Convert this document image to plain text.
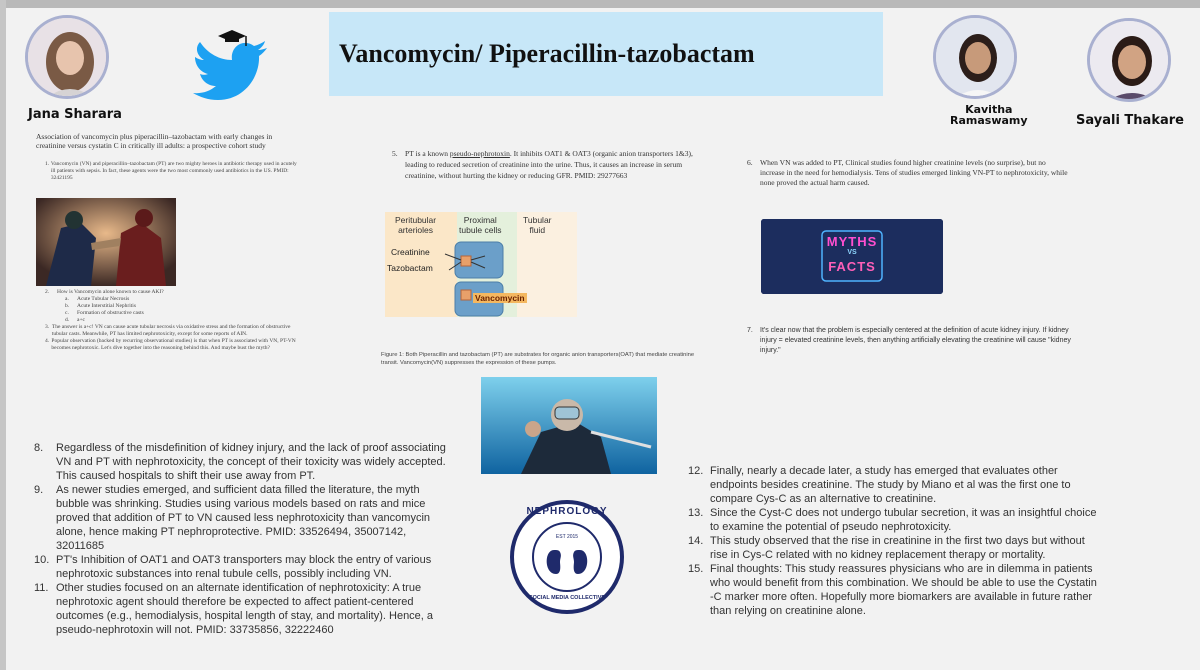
Vancomycin/ Piperacillin-tazobactam
Jana Sharara	Kavitha
Ramaswamy	Sayali Thakare
Association of vancomycin plus piperacillin–tazobactam with early changes in creatinine versus cystatin C in critically ill adults: a prospective cohort study
1. Vancomycin (VN) and piperacillin–tazobactam (PT) are two mighty heroes in antibiotic therapy used in acutely ill patients with sepsis. In fact, these agents were the two most commonly used antibiotics in the US. PMID: 32421195
2.	How is Vancomycin alone known to cause AKI?
a.	Acute Tubular Necrosis
b.	Acute Interstitial Nephritis
c.	Formation of obstructive casts
d.	a+c
3. The answer is a+c! VN can cause acute tubular necrosis via oxidative stress and the formation of obstructive tubular casts. Meanwhile, PT has limited nephrotoxicity, except for some reports of AIN.
4. Popular observation (backed by recurring observational studies) is that when PT is associated with VN, PT-VN becomes nephrotoxic. Let's dive together into the reasoning behind this. And maybe bust the myth?
5. PT is a known pseudo-nephrotoxin. It inhibits OAT1 & OAT3 (organic anion transporters 1&3), leading to reduced secretion of creatinine into the urine. Thus, it causes an increase in serum creatinine, without hurting the kidney or reducing GFR. PMID: 29277663
Peritubular
arterioles
Proximal
tubule cells
Tubular
fluid
Creatinine
Tazobactam
Vancomycin
Figure 1: Both Piperacillin and tazobactam (PT) are substrates for organic anion transporters(OAT) that mediate creatinine transit. Vancomycin(VN) suppresses the expression of these pumps.
6. When VN was added to PT, Clinical studies found higher creatinine levels (no surprise), but no increase in the need for hemodialysis. Tens of studies emerged linking VN-PT to nephrotoxicity, while none proved the actual harm caused.
MYTHS
VS
FACTS
7.	It's clear now that the problem is especially centered at the definition of acute kidney injury. If kidney injury = elevated creatinine levels, then anything artificially elevating the creatinine will cause "kidney injury."
8.	Regardless of the misdefinition of kidney injury, and the lack of proof associating VN and PT with nephrotoxicity, the concept of their toxicity was widely accepted. This caused hospitals to shift their use away from PT.
9.	As newer studies emerged, and sufficient data filled the literature, the myth bubble was shrinking. Studies using various models based on rats and mice proved that addition of PT to VN caused less nephrotoxicity than vancomycin alone, hence making PT nephroprotective. PMID: 33526494, 35007142, 32011685
10. PT's Inhibition of OAT1 and OAT3 transporters may block the entry of various nephrotoxic substances into renal tubule cells, possibly including VN.
11. Other studies focused on an alternate identification of nephrotoxicity: A true nephrotoxic agent should therefore be expected to affect patient-centered outcomes (e.g., hemodialysis, hospital length of stay, and mortality). Hence, a pseudo-nephrotoxin will not. PMID: 33735856, 32222460
NEPHROLOGY
EST 2015
SOCIAL MEDIA COLLECTIVE
12. Finally, nearly a decade later, a study has emerged that evaluates other endpoints besides creatinine. The study by Miano et al was the first one to compare Cys-C as an alternative to creatinine.
13. Since the Cyst-C does not undergo tubular secretion, it was an insightful choice to examine the potential of pseudo nephrotoxicity.
14. This study observed that the rise in creatinine in the first two days but without rise in Cys-C related with no kidney replacement therapy or mortality.
15. Final thoughts: This study reassures physicians who are in dilemma in patients who would benefit from this combination. We should be able to use the Cystatin -C marker more often. Hopefully more biomarkers are available in future rather than relying on creatinine alone.
